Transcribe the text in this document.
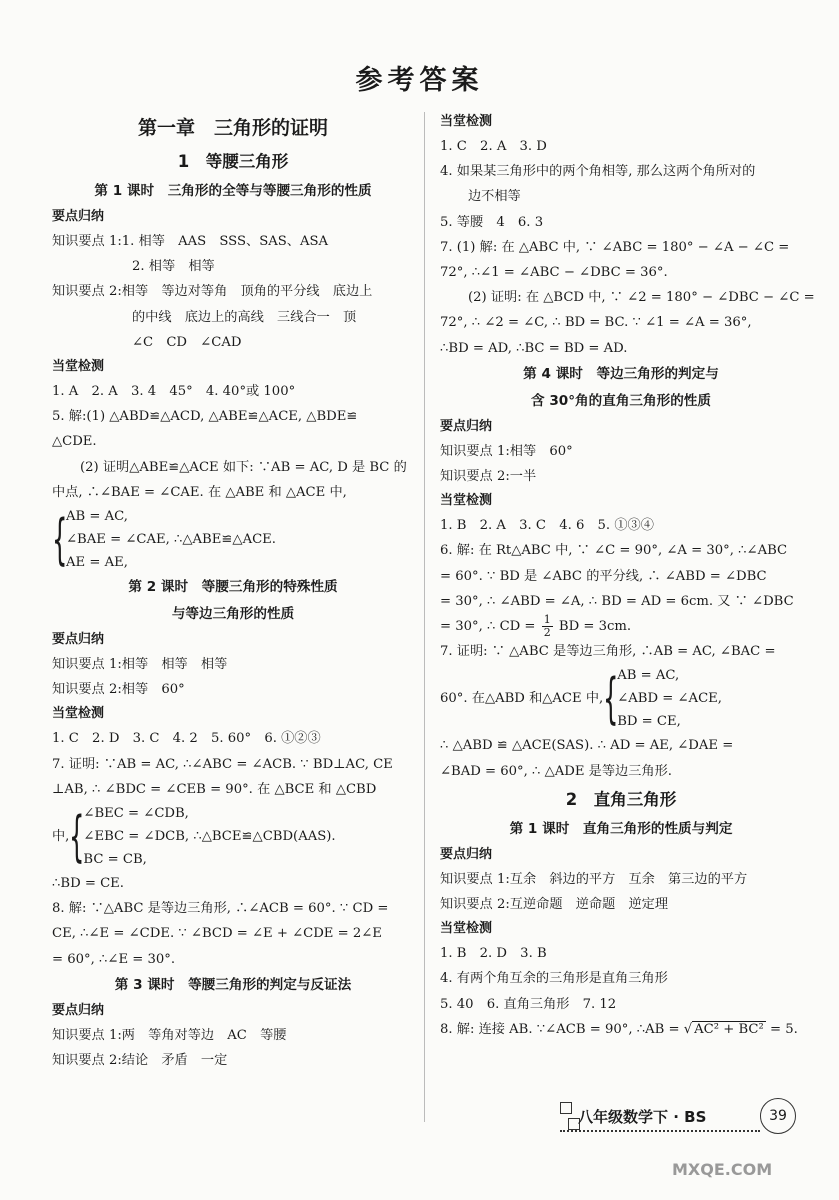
参考答案
第一章　三角形的证明
1　等腰三角形
第 1 课时　三角形的全等与等腰三角形的性质
要点归纳
知识要点 1:1. 相等　AAS　SSS、SAS、ASA
2. 相等　相等
知识要点 2:相等　等边对等角　顶角的平分线　底边上
的中线　底边上的高线　三线合一　顶
∠C　CD　∠CAD
当堂检测
1. A　2. A　3. 4　45°　4. 40°或 100°
5. 解:(1) △ABD≌△ACD, △ABE≌△ACE, △BDE≌
△CDE.
(2) 证明△ABE≌△ACE 如下: ∵AB = AC, D 是 BC 的
中点, ∴∠BAE = ∠CAE. 在 △ABE 和 △ACE 中,
{
AB = AC,
∠BAE = ∠CAE, ∴△ABE≌△ACE.
AE = AE,
第 2 课时　等腰三角形的特殊性质
与等边三角形的性质
要点归纳
知识要点 1:相等　相等　相等
知识要点 2:相等　60°
当堂检测
1. C　2. D　3. C　4. 2　5. 60°　6. ①②③
7. 证明: ∵AB = AC, ∴∠ABC = ∠ACB. ∵ BD⊥AC, CE
⊥AB, ∴ ∠BDC = ∠CEB = 90°. 在 △BCE 和 △CBD
中, {
∠BEC = ∠CDB,
∠EBC = ∠DCB, ∴△BCE≌△CBD(AAS).
BC = CB,
∴BD = CE.
8. 解: ∵△ABC 是等边三角形, ∴∠ACB = 60°. ∵ CD =
CE, ∴∠E = ∠CDE. ∵ ∠BCD = ∠E + ∠CDE = 2∠E
= 60°, ∴∠E = 30°.
第 3 课时　等腰三角形的判定与反证法
要点归纳
知识要点 1:两　等角对等边　AC　等腰
知识要点 2:结论　矛盾　一定
当堂检测
1. C　2. A　3. D
4. 如果某三角形中的两个角相等, 那么这两个角所对的
边不相等
5. 等腰　4　6. 3
7. (1) 解: 在 △ABC 中, ∵ ∠ABC = 180° − ∠A − ∠C =
72°, ∴∠1 = ∠ABC − ∠DBC = 36°.
(2) 证明: 在 △BCD 中, ∵ ∠2 = 180° − ∠DBC − ∠C =
72°, ∴ ∠2 = ∠C, ∴ BD = BC. ∵ ∠1 = ∠A = 36°,
∴BD = AD, ∴BC = BD = AD.
第 4 课时　等边三角形的判定与
含 30°角的直角三角形的性质
要点归纳
知识要点 1:相等　60°
知识要点 2:一半
当堂检测
1. B　2. A　3. C　4. 6　5. ①③④
6. 解: 在 Rt△ABC 中, ∵ ∠C = 90°, ∠A = 30°, ∴∠ABC
= 60°. ∵ BD 是 ∠ABC 的平分线, ∴ ∠ABD = ∠DBC
= 30°, ∴ ∠ABD = ∠A, ∴ BD = AD = 6cm. 又 ∵ ∠DBC
= 30°, ∴ CD = $\frac{1}{2}$ BD = 3cm.
7. 证明: ∵ △ABC 是等边三角形, ∴AB = AC, ∠BAC =
60°. 在△ABD 和△ACE 中, {
AB = AC,
∠ABD = ∠ACE,
BD = CE,
∴ △ABD ≌ △ACE(SAS). ∴ AD = AE, ∠DAE =
∠BAD = 60°, ∴ △ADE 是等边三角形.
2　直角三角形
第 1 课时　直角三角形的性质与判定
要点归纳
知识要点 1:互余　斜边的平方　互余　第三边的平方
知识要点 2:互逆命题　逆命题　逆定理
当堂检测
1. B　2. D　3. B
4. 有两个角互余的三角形是直角三角形
5. 40　6. 直角三角形　7. 12
8. 解: 连接 AB. ∵∠ACB = 90°, ∴AB = √ AC² + BC² = 5.
八年级数学下 · BS	39
MXQE.COM
